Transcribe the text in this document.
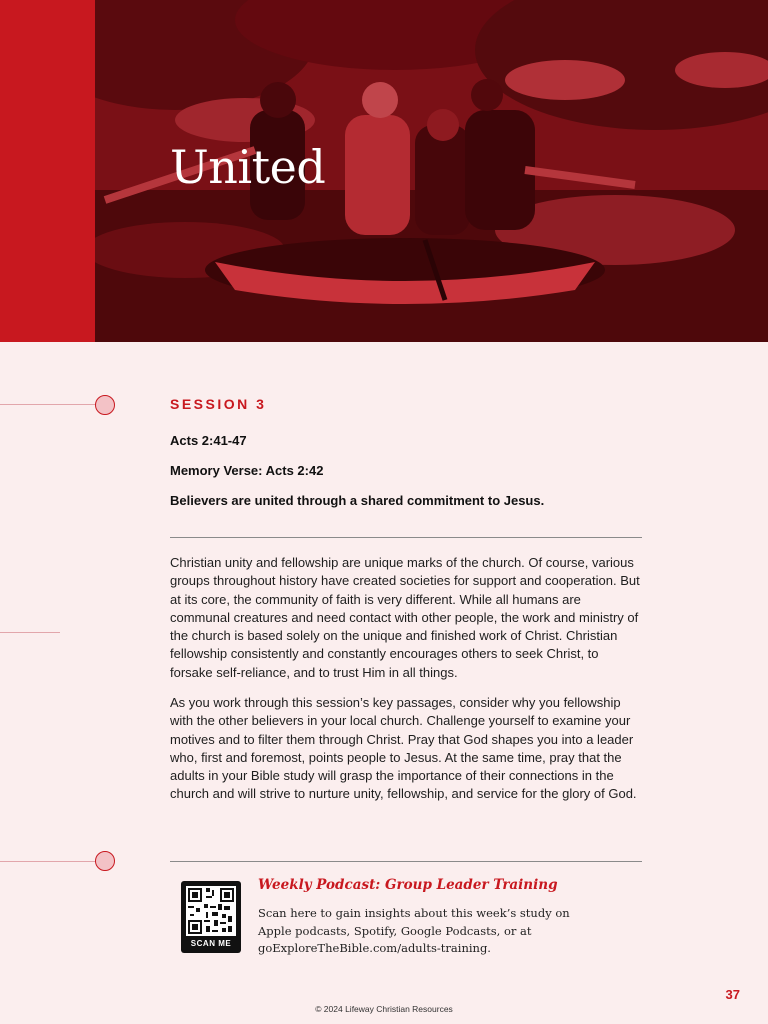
United
SESSION 3

Acts 2:41-47

Memory Verse: Acts 2:42

Believers are united through a shared commitment to Jesus.

Christian unity and fellowship are unique marks of the church. Of course, various groups throughout history have created societies for support and cooperation. But at its core, the community of faith is very different. While all humans are communal creatures and need contact with other people, the work and ministry of the church is based solely on the unique and finished work of Christ. Christian fellowship consistently and constantly encourages others to seek Christ, to forsake self-reliance, and to trust Him in all things.

As you work through this session’s key passages, consider why you fellowship with the other believers in your local church. Challenge yourself to examine your motives and to filter them through Christ. Pray that God shapes you into a leader who, first and foremost, points people to Jesus. At the same time, pray that the adults in your Bible study will grasp the importance of their connections in the church and will strive to nurture unity, fellowship, and service for the glory of God.

SCAN ME
Weekly Podcast: Group Leader Training

Scan here to gain insights about this week’s study on Apple podcasts, Spotify, Google Podcasts, or at goExploreTheBible.com/adults-training.

37
© 2024 Lifeway Christian Resources
